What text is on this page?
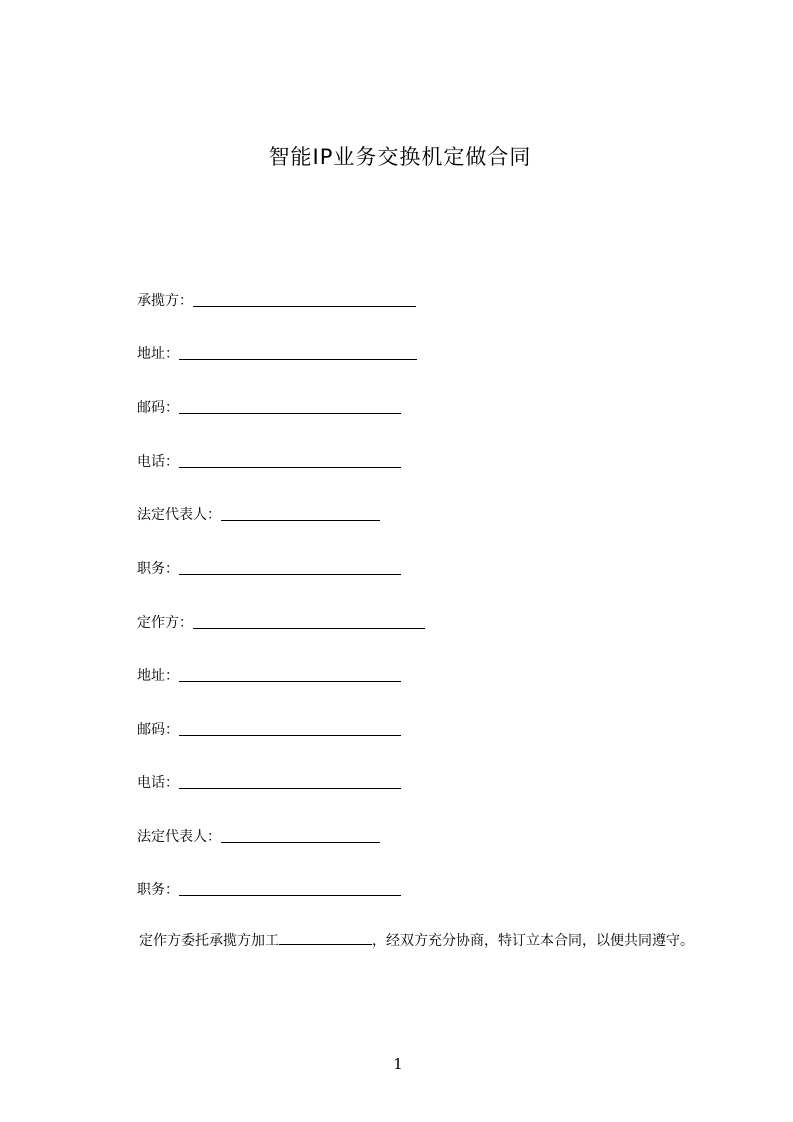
智能IP业务交换机定做合同
承揽方：
地址：
邮码：
电话：
法定代表人：
职务：
定作方：
地址：
邮码：
电话：
法定代表人：
职务：

定作方委托承揽方加工	，经双方充分协商，特订立本合同，以便共同遵守。

1
